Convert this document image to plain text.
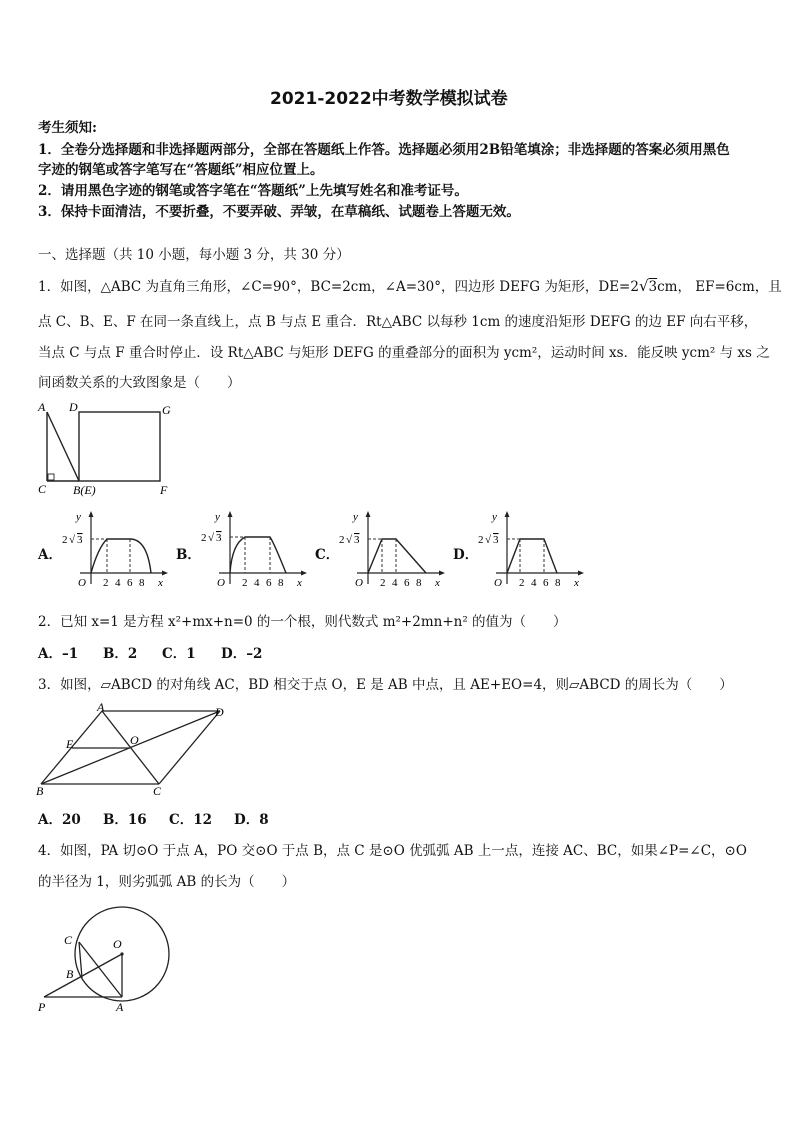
2021-2022中考数学模拟试卷
考生须知:
1．全卷分选择题和非选择题两部分，全部在答题纸上作答。选择题必须用2B铅笔填涂；非选择题的答案必须用黑色
字迹的钢笔或答字笔写在“答题纸”相应位置上。
2．请用黑色字迹的钢笔或答字笔在“答题纸”上先填写姓名和准考证号。
3．保持卡面清洁，不要折叠，不要弄破、弄皱，在草稿纸、试题卷上答题无效。
一、选择题（共 10 小题，每小题 3 分，共 30 分）
1．如图，△ABC 为直角三角形，∠C=90°，BC=2cm，∠A=30°，四边形 DEFG 为矩形，DE=2√3cm， EF=6cm，且
点 C、B、E、F 在同一条直线上，点 B 与点 E 重合．Rt△ABC 以每秒 1cm 的速度沿矩形 DEFG 的边 EF 向右平移，
当点 C 与点 F 重合时停止．设 Rt△ABC 与矩形 DEFG 的重叠部分的面积为 ycm²，运动时间 xs．能反映 ycm² 与 xs 之
间函数关系的大致图象是（　　）
A D	G
C B(E)	F
A．	B．	C．	D．
y
2 √ 3
O 2 4 6 8 x
y
2 √ 3
O 2 4 6 8 x
y
2 √ 3
O 2 4 6 8 x
y
2 √ 3
O 2 4 6 8 x
2．已知 x=1 是方程 x²+mx+n=0 的一个根，则代数式 m²+2mn+n² 的值为（　　）
A．–1 B．2 C．1 D．–2
3．如图，▱ABCD 的对角线 AC，BD 相交于点 O，E 是 AB 中点，且 AE+EO=4，则▱ABCD 的周长为（　　）
A	D
E	O
B	C
A．20 B．16 C．12 D．8
4．如图，PA 切⊙O 于点 A，PO 交⊙O 于点 B，点 C 是⊙O 优弧弧 AB 上一点，连接 AC、BC，如果∠P=∠C，⊙O
的半径为 1，则劣弧弧 AB 的长为（　　）
C	O
B
P	A
